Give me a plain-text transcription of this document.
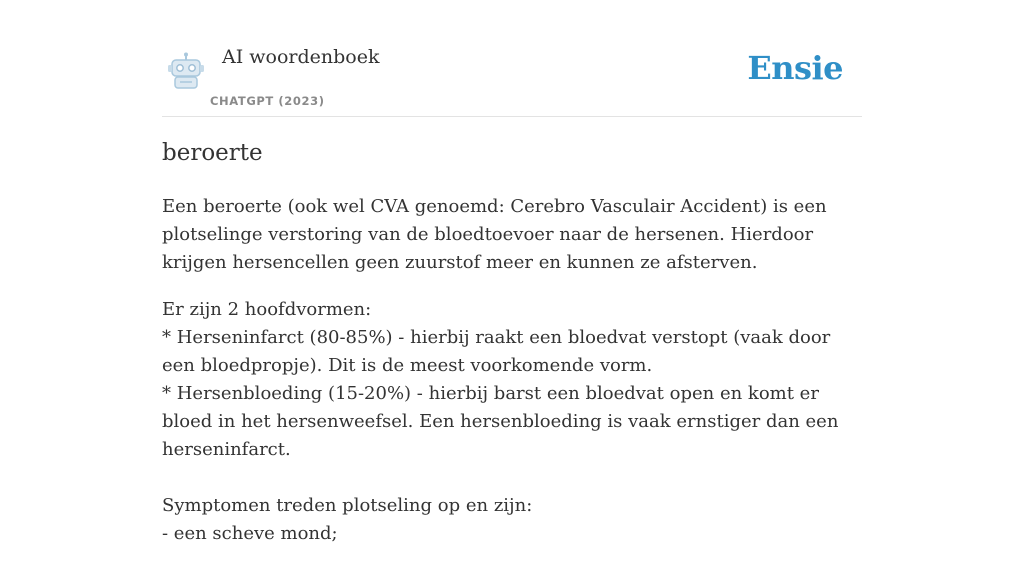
AI woordenboek
CHATGPT (2023)
Ensie
beroerte

Een beroerte (ook wel CVA genoemd: Cerebro Vasculair Accident) is een plotselinge verstoring van de bloedtoevoer naar de hersenen. Hierdoor krijgen hersencellen geen zuurstof meer en kunnen ze afsterven.

Er zijn 2 hoofdvormen:
* Herseninfarct (80-85%) - hierbij raakt een bloedvat verstopt (vaak door een bloedpropje). Dit is de meest voorkomende vorm.
* Hersenbloeding (15-20%) - hierbij barst een bloedvat open en komt er bloed in het hersenweefsel. Een hersenbloeding is vaak ernstiger dan een herseninfarct.

Symptomen treden plotseling op en zijn:
- een scheve mond;
